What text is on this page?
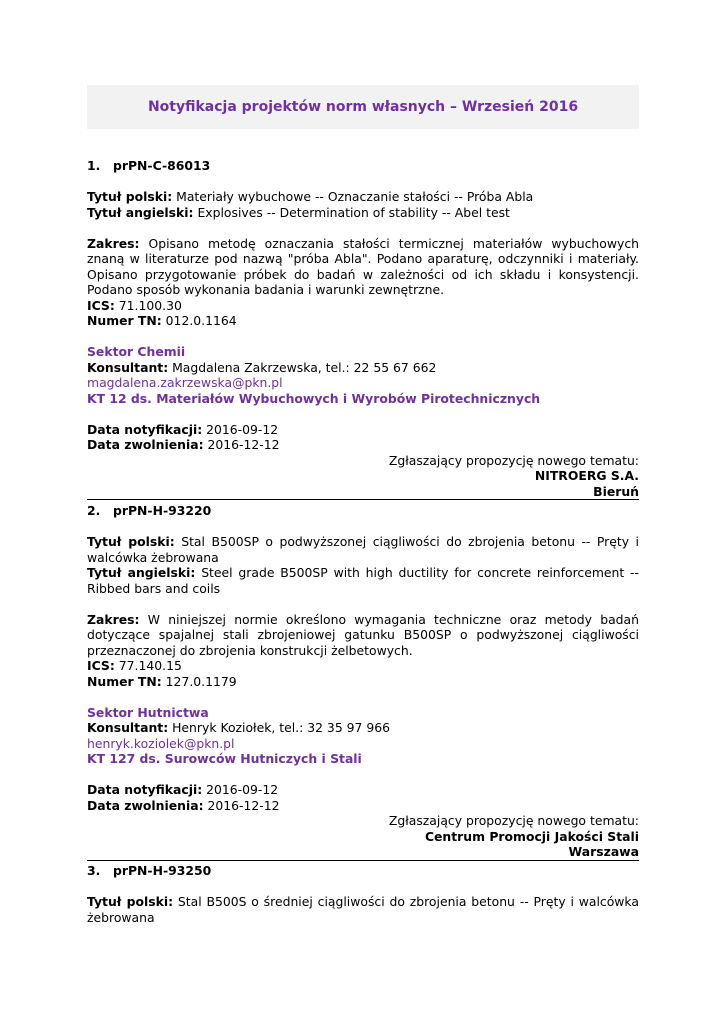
Notyfikacja projektów norm własnych – Wrzesień 2016
1. prPN-C-86013
Tytuł polski: Materiały wybuchowe -- Oznaczanie stałości -- Próba Abla
Tytuł angielski: Explosives -- Determination of stability -- Abel test
Zakres: Opisano metodę oznaczania stałości termicznej materiałów wybuchowych znaną w literaturze pod nazwą "próba Abla". Podano aparaturę, odczynniki i materiały. Opisano przygotowanie próbek do badań w zależności od ich składu i konsystencji. Podano sposób wykonania badania i warunki zewnętrzne.
ICS: 71.100.30
Numer TN: 012.0.1164
Sektor Chemii
Konsultant: Magdalena Zakrzewska, tel.: 22 55 67 662
magdalena.zakrzewska@pkn.pl
KT 12 ds. Materiałów Wybuchowych i Wyrobów Pirotechnicznych
Data notyfikacji: 2016-09-12
Data zwolnienia: 2016-12-12
Zgłaszający propozycję nowego tematu:
NITROERG S.A.
Bieruń
2. prPN-H-93220
Tytuł polski: Stal B500SP o podwyższonej ciągliwości do zbrojenia betonu -- Pręty i walcówka żebrowana
Tytuł angielski: Steel grade B500SP with high ductility for concrete reinforcement -- Ribbed bars and coils
Zakres: W niniejszej normie określono wymagania techniczne oraz metody badań dotyczące spajalnej stali zbrojeniowej gatunku B500SP o podwyższonej ciągliwości przeznaczonej do zbrojenia konstrukcji żelbetowych.
ICS: 77.140.15
Numer TN: 127.0.1179
Sektor Hutnictwa
Konsultant: Henryk Koziołek, tel.: 32 35 97 966
henryk.koziolek@pkn.pl
KT 127 ds. Surowców Hutniczych i Stali
Data notyfikacji: 2016-09-12
Data zwolnienia: 2016-12-12
Zgłaszający propozycję nowego tematu:
Centrum Promocji Jakości Stali
Warszawa
3. prPN-H-93250
Tytuł polski: Stal B500S o średniej ciągliwości do zbrojenia betonu -- Pręty i walcówka żebrowana
